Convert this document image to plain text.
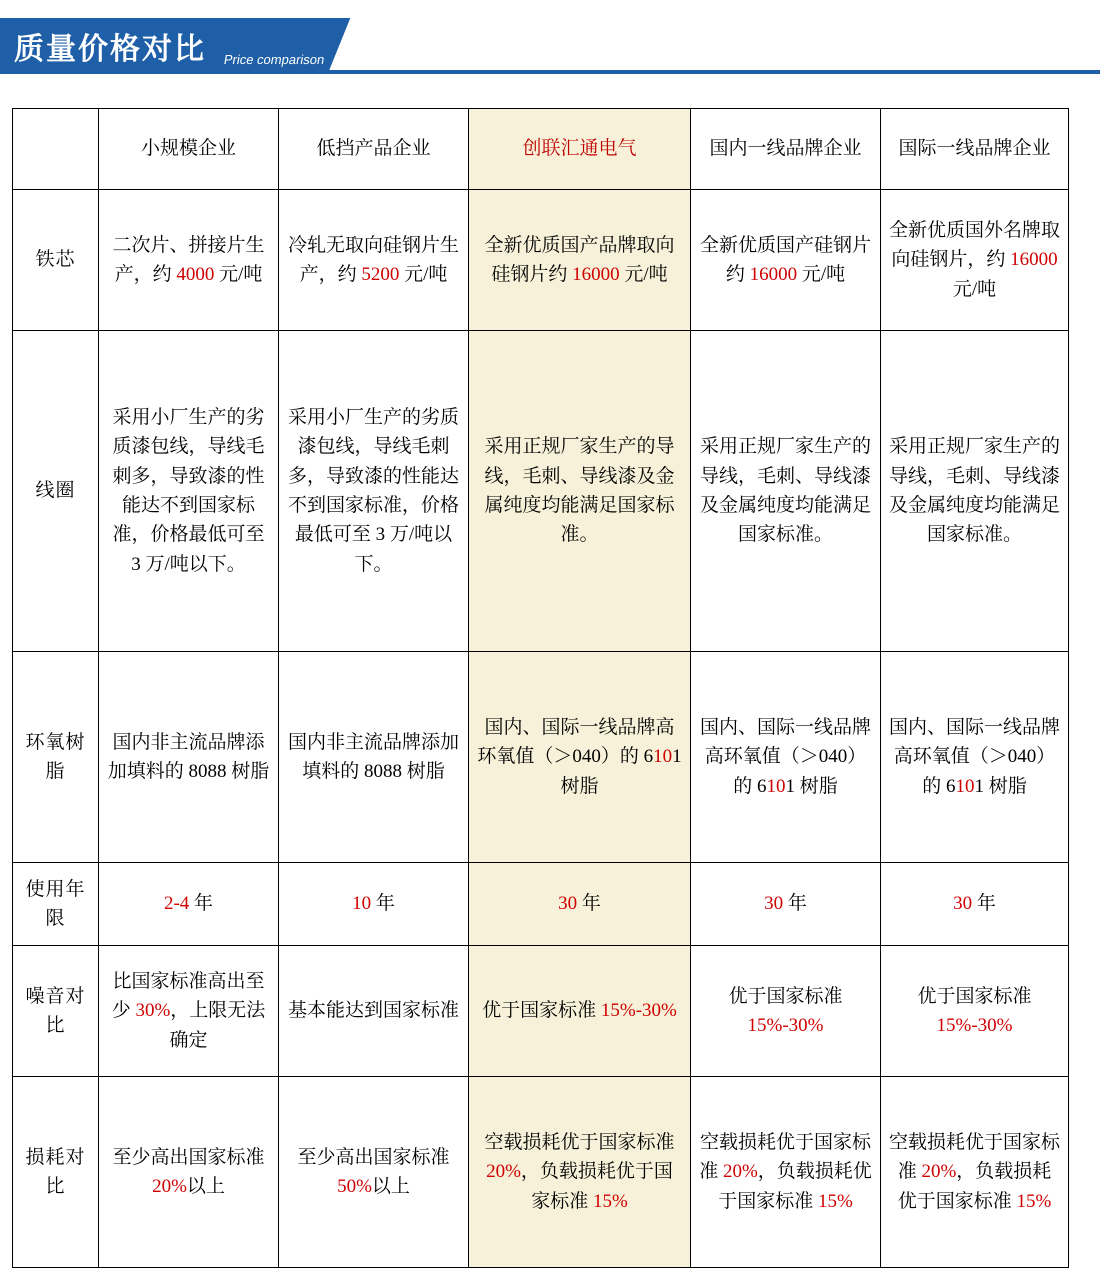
质量价格对比 Price comparison
	小规模企业	低挡产品企业	创联汇通电气	国内一线品牌企业	国际一线品牌企业
铁芯	二次片、拼接片生产，约 4000 元/吨	冷轧无取向硅钢片生产，约 5200 元/吨	全新优质国产品牌取向硅钢片约 16000 元/吨	全新优质国产硅钢片约 16000 元/吨	全新优质国外名牌取向硅钢片，约 16000 元/吨
线圈	采用小厂生产的劣质漆包线，导线毛刺多，导致漆的性能达不到国家标准，价格最低可至 3 万/吨以下。	采用小厂生产的劣质漆包线，导线毛刺多，导致漆的性能达不到国家标准，价格最低可至 3 万/吨以下。	采用正规厂家生产的导线，毛刺、导线漆及金属纯度均能满足国家标准。	采用正规厂家生产的导线，毛刺、导线漆及金属纯度均能满足国家标准。	采用正规厂家生产的导线，毛刺、导线漆及金属纯度均能满足国家标准。
环氧树脂	国内非主流品牌添加填料的 8088 树脂	国内非主流品牌添加填料的 8088 树脂	国内、国际一线品牌高环氧值（＞040）的 6101 树脂	国内、国际一线品牌高环氧值（＞040）的 6101 树脂	国内、国际一线品牌高环氧值（＞040）的 6101 树脂
使用年限	2-4 年	10 年	30 年	30 年	30 年
噪音对比	比国家标准高出至少 30%，上限无法确定	基本能达到国家标准	优于国家标准 15%-30%	优于国家标准 15%-30%	优于国家标准 15%-30%
损耗对比	至少高出国家标准 20%以上	至少高出国家标准 50%以上	空载损耗优于国家标准 20%，负载损耗优于国家标准 15%	空载损耗优于国家标准 20%，负载损耗优于国家标准 15%	空载损耗优于国家标准 20%，负载损耗优于国家标准 15%
